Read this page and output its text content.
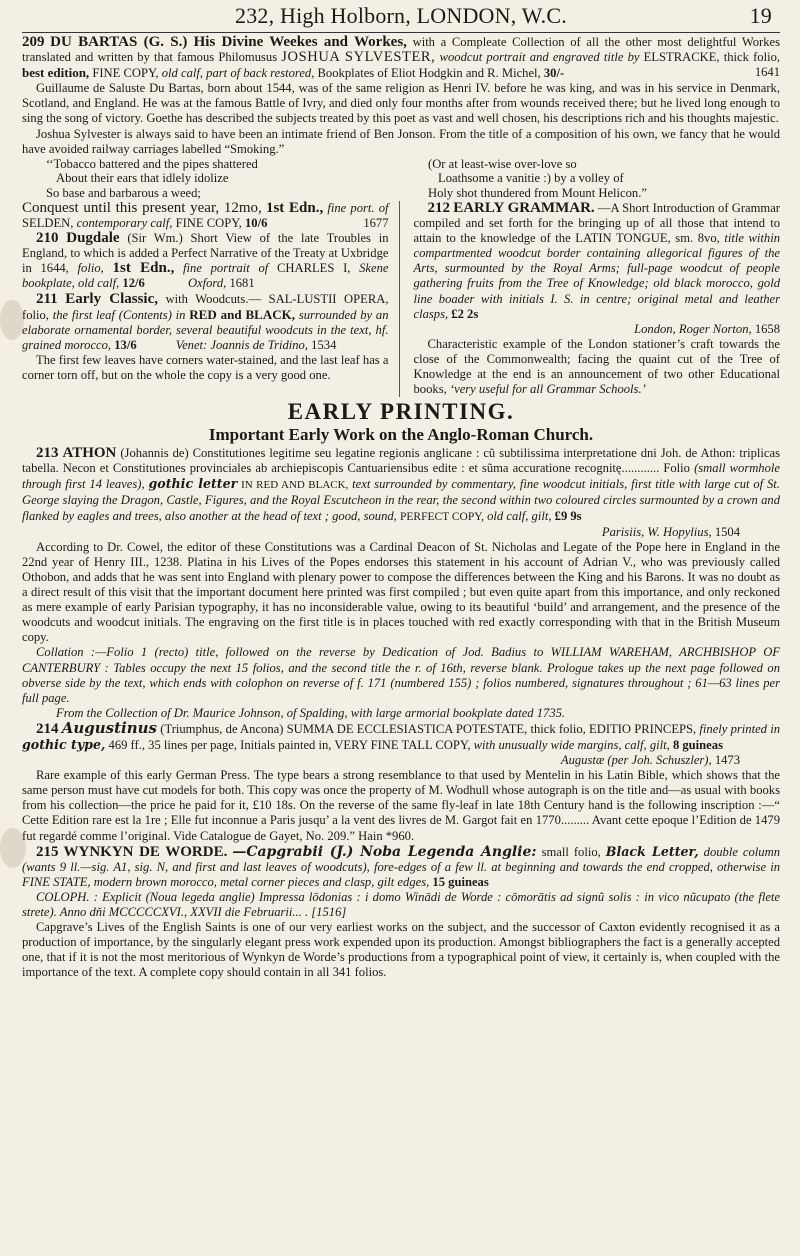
232, High Holborn, LONDON, W.C.	19

209 DU BARTAS (G. S.) His Divine Weekes and Workes, with a Compleate Collection of all the other most delightful Workes translated and written by that famous Philomusus JOSHUA SYLVESTER, woodcut portrait and engraved title by ELSTRACKE, thick folio, best edition, FINE COPY, old calf, part of back restored, Bookplates of Eliot Hodgkin and R. Michel, 30/-	1641

Guillaume de Saluste Du Bartas, born about 1544, was of the same religion as Henri IV. before he was king, and was in his service in Denmark, Scotland, and England. He was at the famous Battle of Ivry, and died only four months after from wounds received there; but he lived long enough to sing the song of victory. Goethe has described the subjects treated by this poet as vast and well chosen, his descriptions rich and his thoughts majestic.

Joshua Sylvester is always said to have been an intimate friend of Ben Jonson. From the title of a composition of his own, we fancy that he would have avoided railway carriages labelled “Smoking.”

‘‘Tobacco battered and the pipes shattered

About their ears that idlely idolize

So base and barbarous a weed;

(Or at least-wise over-love so

Loathsome a vanitie :) by a volley of

Holy shot thundered from Mount Helicon.”

Conquest until this present year, 12mo, 1st Edn., fine port. of SELDEN, contemporary calf, FINE COPY, 10/6	1677

210 Dugdale (Sir Wm.) Short View of the late Troubles in England, to which is added a Perfect Narrative of the Treaty at Uxbridge in 1644, folio, 1st Edn., fine portrait of CHARLES I, Skene bookplate, old calf, 12/6	Oxford, 1681

211 Early Classic, with Woodcuts.— SAL-LUSTII OPERA, folio, the first leaf (Contents) in RED and BLACK, surrounded by an elaborate ornamental border, several beautiful woodcuts in the text, hf. grained morocco, 13/6	Venet: Joannis de Tridino, 1534

The first few leaves have corners water-stained, and the last leaf has a corner torn off, but on the whole the copy is a very good one.

212 EARLY GRAMMAR. —A Short Introduction of Grammar compiled and set forth for the bringing up of all those that intend to attain to the knowledge of the LATIN TONGUE, sm. 8vo, title within compartmented woodcut border containing allegorical figures of the Arts, surmounted by the Royal Arms; full-page woodcut of people gathering fruits from the Tree of Knowledge; old black morocco, gold line boader with initials I. S. in centre; original metal and leather clasps, £2 2s

London, Roger Norton, 1658

Characteristic example of the London stationer’s craft towards the close of the Commonwealth; facing the quaint cut of the Tree of Knowledge at the end is an announcement of two other Educational books, ‘very useful for all Grammar Schools.’

EARLY PRINTING.
Important Early Work on the Anglo-Roman Church.

213 ATHON (Johannis de) Constitutiones legitime seu legatine regionis anglicane : cũ subtilissima interpretatione dni Joh. de Athon: triplicas tabella. Necon et Constitutiones provinciales ab archiepiscopis Cantuariensibus edite : et sũma accuratione recognitę............ Folio (small wormhole through first 14 leaves), gothic letter IN RED AND BLACK, text surrounded by commentary, fine woodcut initials, first title with large cut of St. George slaying the Dragon, Castle, Figures, and the Royal Escutcheon in the rear, the second within two coloured circles surmounted by a crown and flanked by eagles and trees, also another at the head of text ; good, sound, PERFECT COPY, old calf, gilt, £9 9s

Parisiis, W. Hopylius, 1504

According to Dr. Cowel, the editor of these Constitutions was a Cardinal Deacon of St. Nicholas and Legate of the Pope here in England in the 22nd year of Henry III., 1238. Platina in his Lives of the Popes endorses this statement in his account of Adrian V., who was previously called Othobon, and adds that he was sent into England with plenary power to compose the differences between the King and his Barons. It was no doubt as a direct result of this visit that the important document here printed was first compiled ; but even quite apart from this importance, and only reckoned as mere example of early Parisian typography, it has no inconsiderable value, owing to its beautiful ‘build’ and arrangement, and the presence of the woodcuts and woodcut initials. The engraving on the first title is in places touched with red exactly corresponding with that in the British Museum copy.

Collation :—Folio 1 (recto) title, followed on the reverse by Dedication of Jod. Badius to WILLIAM WAREHAM, ARCHBISHOP OF CANTERBURY : Tables occupy the next 15 folios, and the second title the r. of 16th, reverse blank. Prologue takes up the next page followed on obverse side by the text, which ends with colophon on reverse of f. 171 (numbered 155) ; folios numbered, signatures throughout ; 61—63 lines per full page.

From the Collection of Dr. Maurice Johnson, of Spalding, with large armorial bookplate dated 1735.

214 Augustinus (Triumphus, de Ancona) SUMMA DE ECCLESIASTICA POTESTATE, thick folio, EDITIO PRINCEPS, finely printed in gothic type, 469 ff., 35 lines per page, Initials painted in, VERY FINE TALL COPY, with unusually wide margins, calf, gilt, 8 guineas

Augustæ (per Joh. Schuszler), 1473

Rare example of this early German Press. The type bears a strong resemblance to that used by Mentelin in his Latin Bible, which shows that the same person must have cut models for both. This copy was once the property of M. Wodhull whose autograph is on the title and—as usual with books from his collection—the price he paid for it, £10 18s. On the reverse of the same fly-leaf in late 18th Century hand is the following inscription :—“ Cette Edition rare est la 1re ; Elle fut inconnue a Paris jusqu’ a la vent des livres de M. Gargot fait en 1770......... Avant cette epoque l’Edition de 1479 fut regardé comme l’original. Vide Catalogue de Gayet, No. 209.” Hain *960.

215 WYNKYN DE WORDE. —Capgrabii (J.) Noba Legenda Anglie: small folio, Black Letter, double column (wants 9 ll.—sig. A1, sig. N, and first and last leaves of woodcuts), fore-edges of a few ll. at beginning and towards the end cropped, otherwise in FINE STATE, modern brown morocco, metal corner pieces and clasp, gilt edges, 15 guineas

COLOPH. : Explicit (Noua legeda anglie) Impressa lōdonias : i domo Winādi de Worde : cōmorātis ad signũ solis : in vico nũcupato (the flete strete). Anno dňi MCCCCCXVI., XXVII die Februarii... . [1516]

Capgrave’s Lives of the English Saints is one of our very earliest works on the subject, and the successor of Caxton evidently recognised it as a production of importance, by the singularly elegant press work expended upon its production. Amongst bibliographers the fact is a generally accepted one, that if it is not the most meritorious of Wynkyn de Worde’s productions from a typographical point of view, it certainly is, when coupled with the importance of the text. A complete copy should contain in all 341 folios.
